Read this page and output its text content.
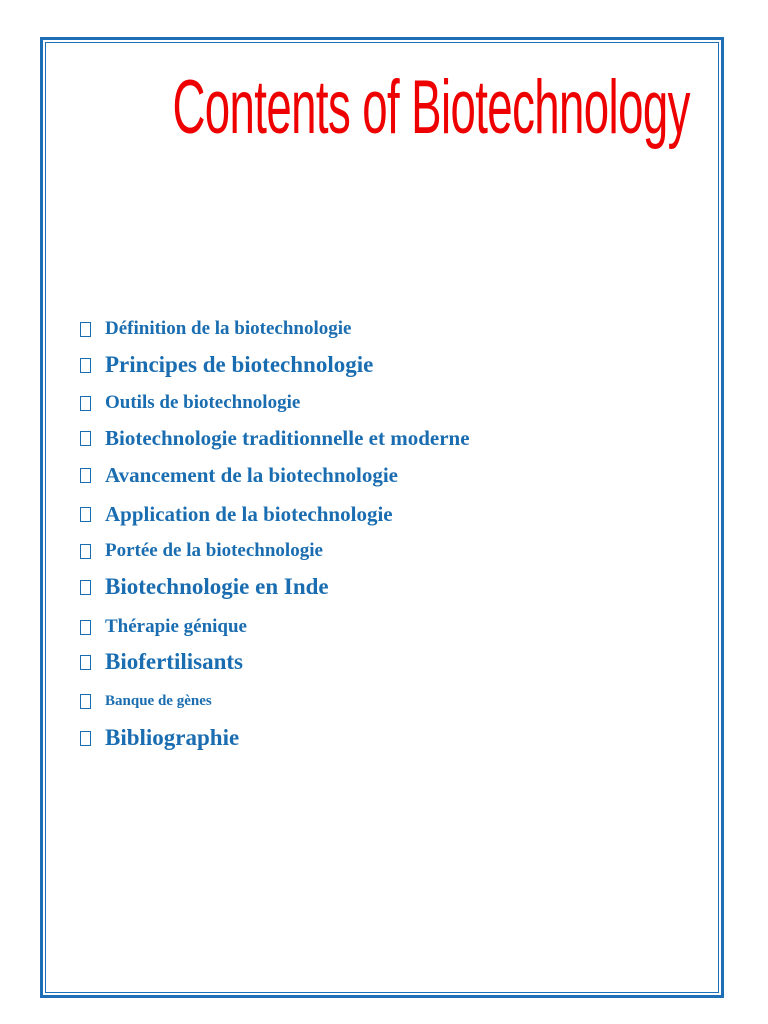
Contents of Biotechnology
Définition de la biotechnologie
Principes de biotechnologie
Outils de biotechnologie
Biotechnologie traditionnelle et moderne
Avancement de la biotechnologie
Application de la biotechnologie
Portée de la biotechnologie
Biotechnologie en Inde
Thérapie génique
Biofertilisants
Banque de gènes
Bibliographie
